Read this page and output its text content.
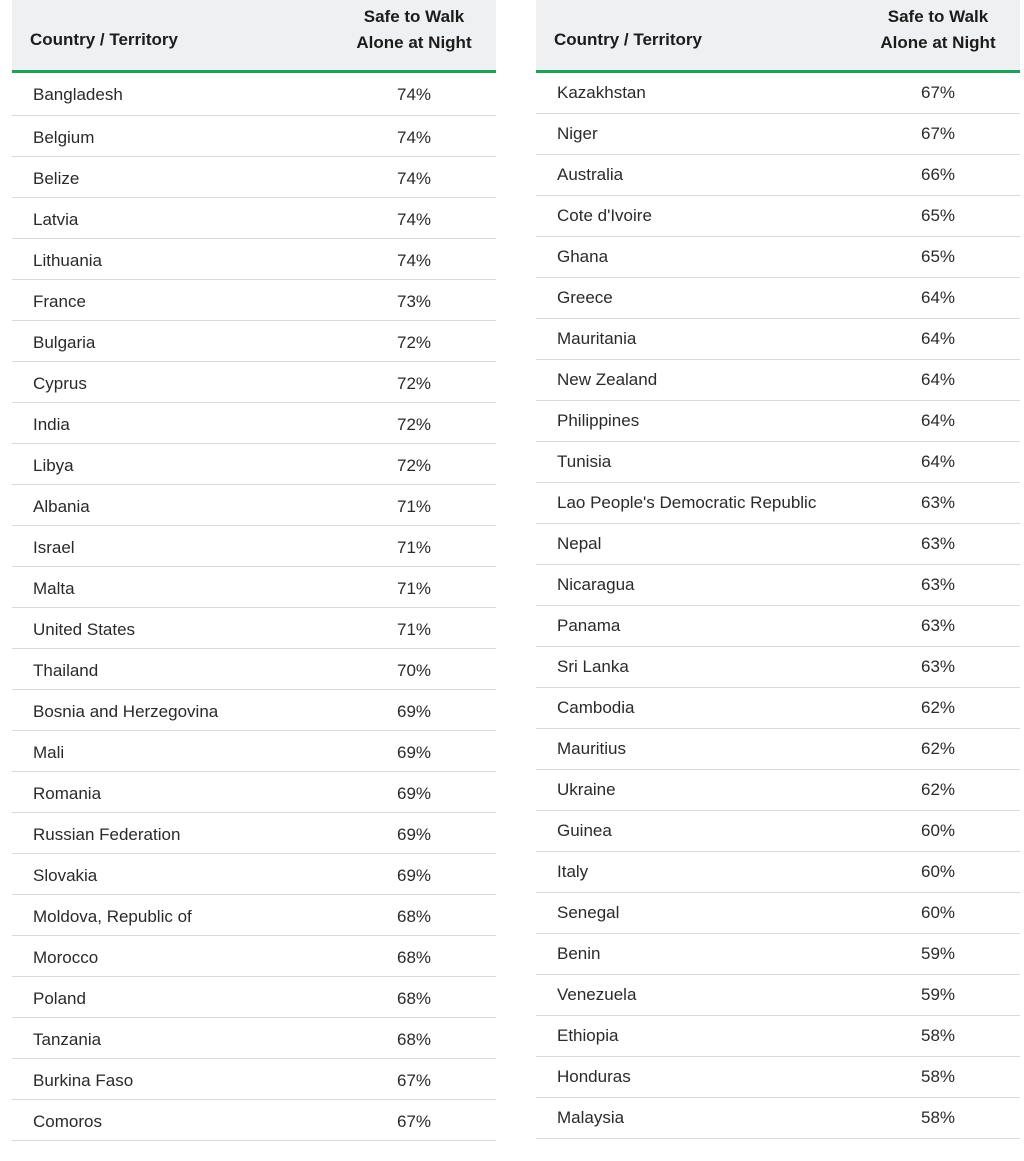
Country / Territory
Safe to Walk
Alone at Night
Bangladesh	74%
Belgium	74%
Belize	74%
Latvia	74%
Lithuania	74%
France	73%
Bulgaria	72%
Cyprus	72%
India	72%
Libya	72%
Albania	71%
Israel	71%
Malta	71%
United States	71%
Thailand	70%
Bosnia and Herzegovina	69%
Mali	69%
Romania	69%
Russian Federation	69%
Slovakia	69%
Moldova, Republic of	68%
Morocco	68%
Poland	68%
Tanzania	68%
Burkina Faso	67%
Comoros	67%
Country / Territory
Safe to Walk
Alone at Night
Kazakhstan	67%
Niger	67%
Australia	66%
Cote d'Ivoire	65%
Ghana	65%
Greece	64%
Mauritania	64%
New Zealand	64%
Philippines	64%
Tunisia	64%
Lao People's Democratic Republic	63%
Nepal	63%
Nicaragua	63%
Panama	63%
Sri Lanka	63%
Cambodia	62%
Mauritius	62%
Ukraine	62%
Guinea	60%
Italy	60%
Senegal	60%
Benin	59%
Venezuela	59%
Ethiopia	58%
Honduras	58%
Malaysia	58%
